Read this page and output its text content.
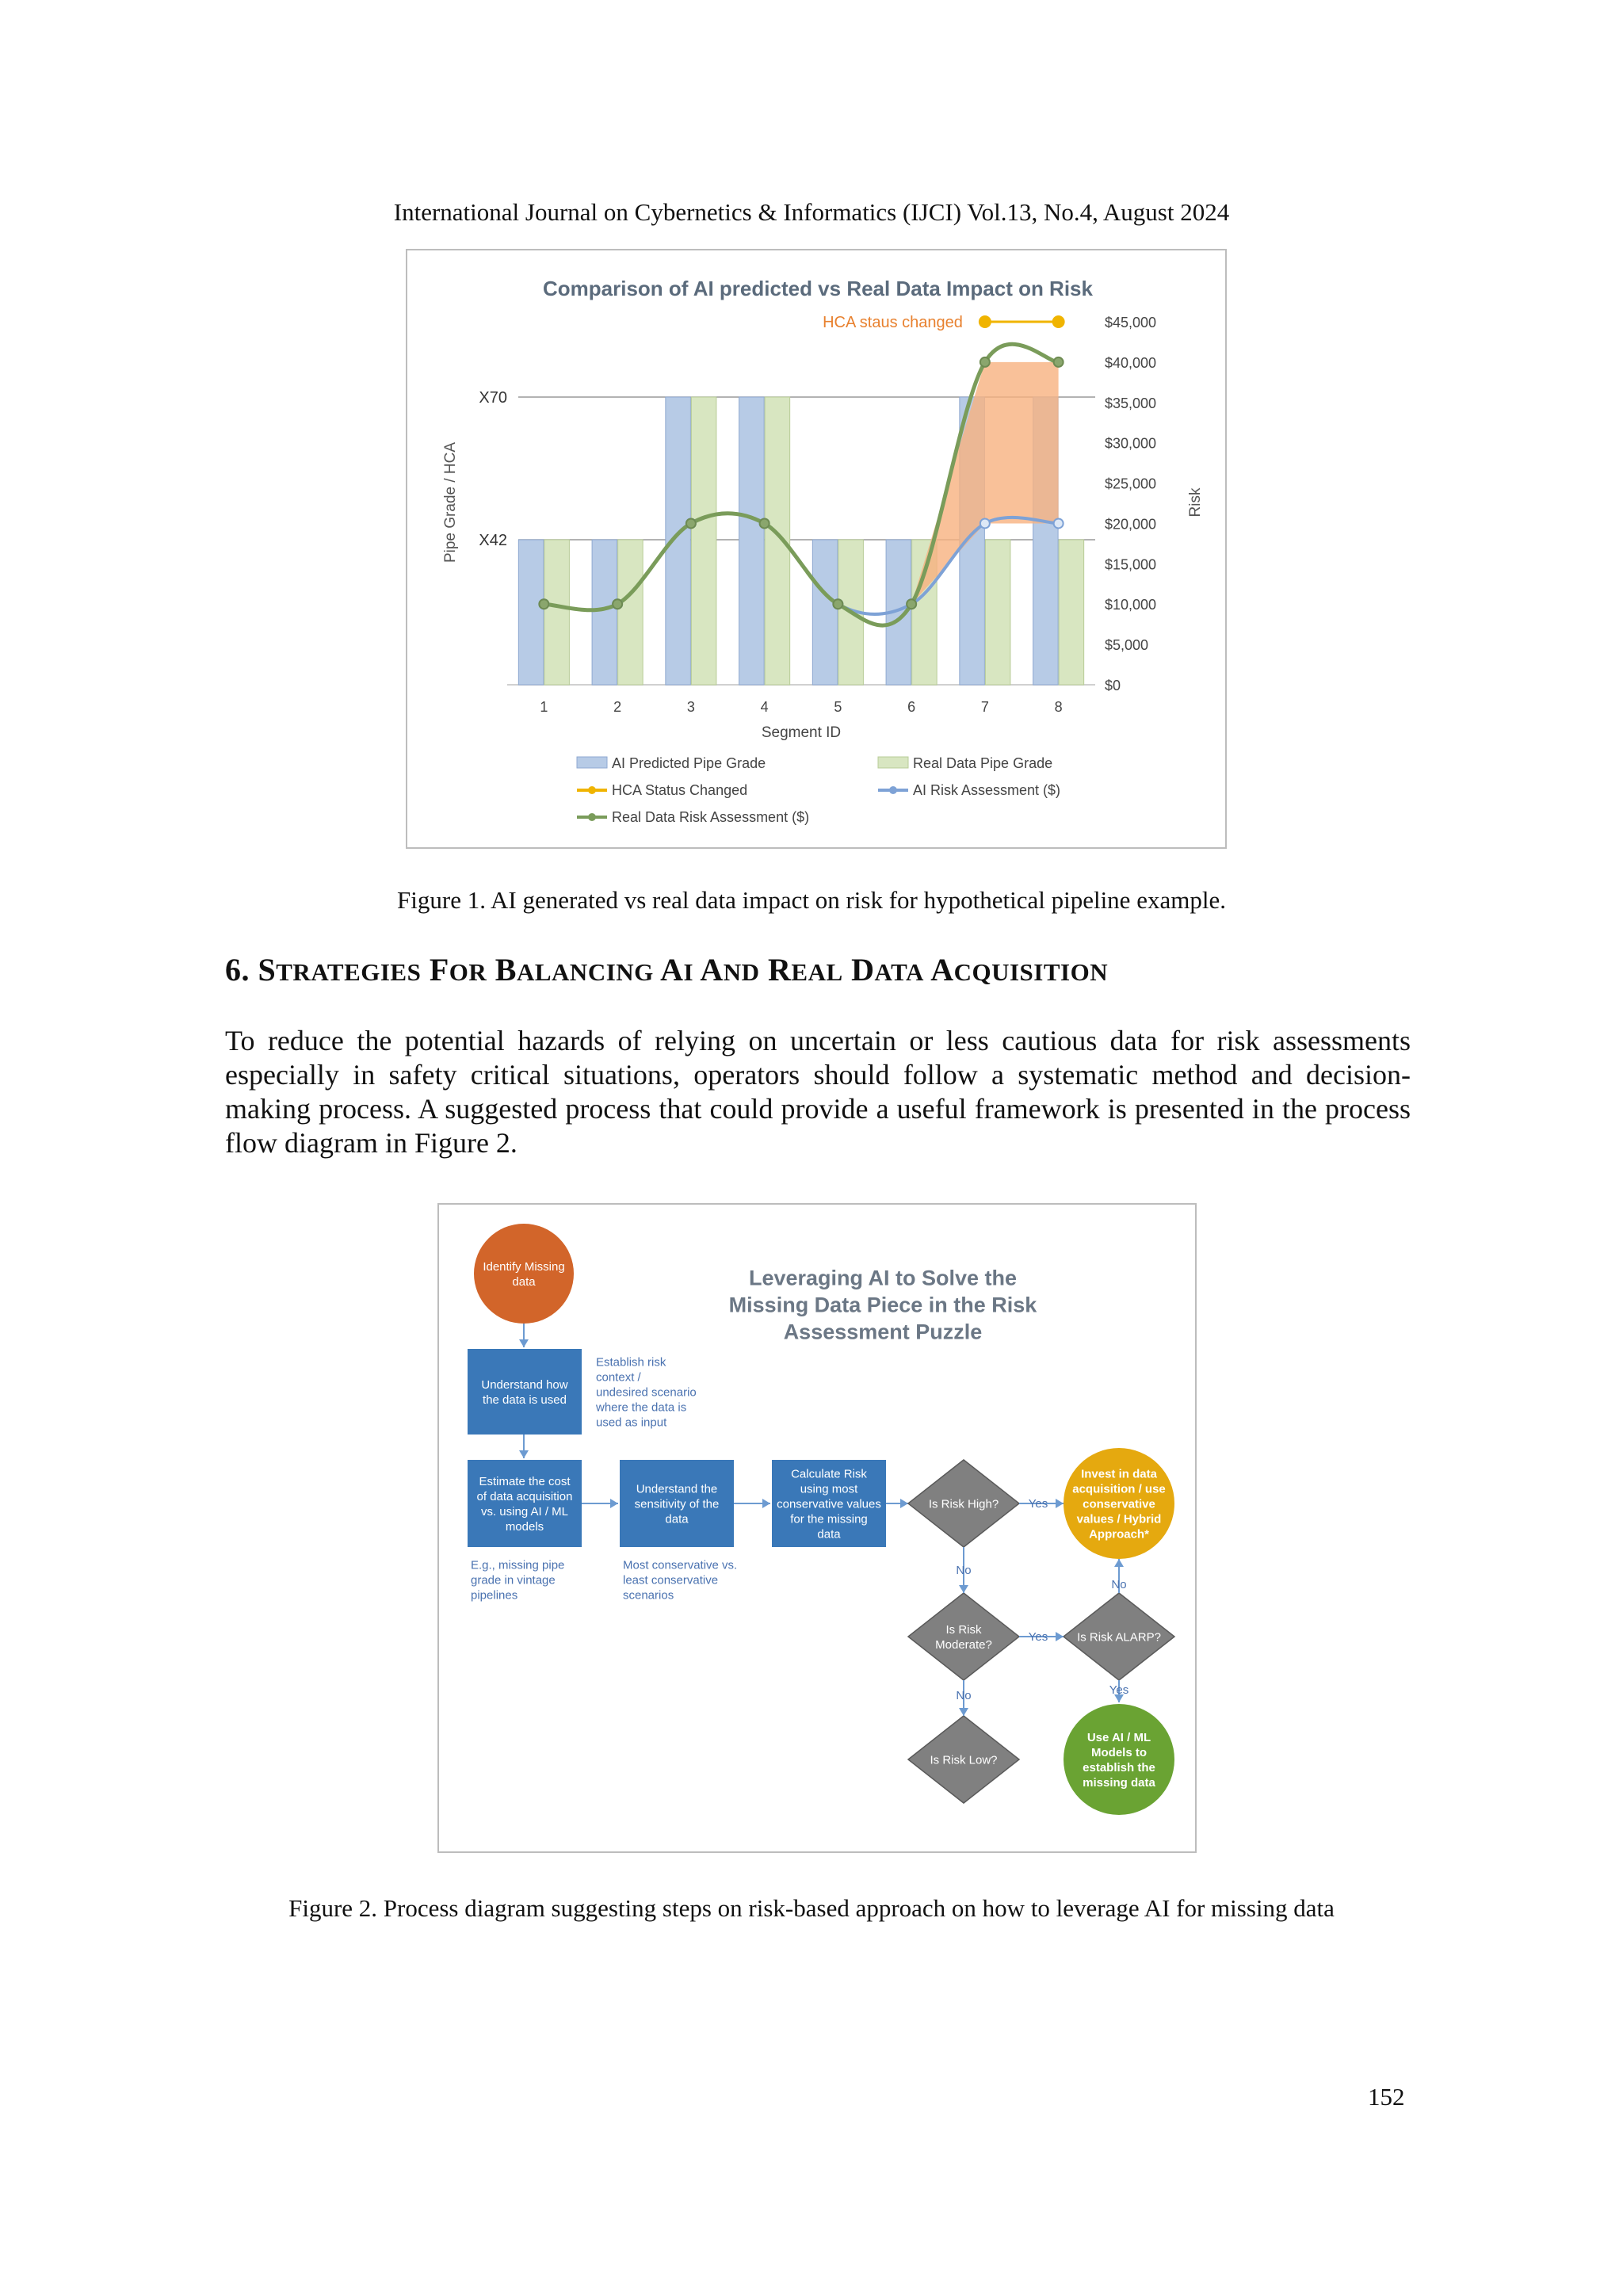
International Journal on Cybernetics & Informatics (IJCI) Vol.13, No.4, August 2024
Comparison of AI predicted vs Real Data Impact on Risk
X42
X70
HCA staus changed
$0
$5,000
$10,000
$15,000
$20,000
$25,000
$30,000
$35,000
$40,000
$45,000
1	2	3	4	5	6	7	8
Segment ID
Pipe Grade / HCA	Risk
AI Predicted Pipe Grade	Real Data Pipe Grade
HCA Status Changed	AI Risk Assessment ($)
Real Data Risk Assessment ($)
Figure 1. AI generated vs real data impact on risk for hypothetical pipeline example.
6. STRATEGIES FOR BALANCING AI AND REAL DATA ACQUISITION
To reduce the potential hazards of relying on uncertain or less cautious data for risk assessments especially in safety critical situations, operators should follow a systematic method and decision-making process. A suggested process that could provide a useful framework is presented in the process flow diagram in Figure 2.
Leveraging AI to Solve the Missing Data Piece in the Risk Assessment Puzzle
Identify Missing data
Understand how the data is used
Establish risk context / undesired scenario where the data is used as input
Estimate the cost of data acquisition vs. using AI / ML models
E.g., missing pipe grade in vintage pipelines
Understand the sensitivity of the data
Most conservative vs. least conservative scenarios
Calculate Risk using most conservative values for the missing data
Is Risk High?
Is Risk Moderate?
Is Risk Low?
Is Risk ALARP?
Yes
Invest in data acquisition / use conservative values / Hybrid Approach*
No
Yes
No
No	Yes
Use AI / ML Models to establish the missing data
Figure 2. Process diagram suggesting steps on risk-based approach on how to leverage AI for missing data
152
